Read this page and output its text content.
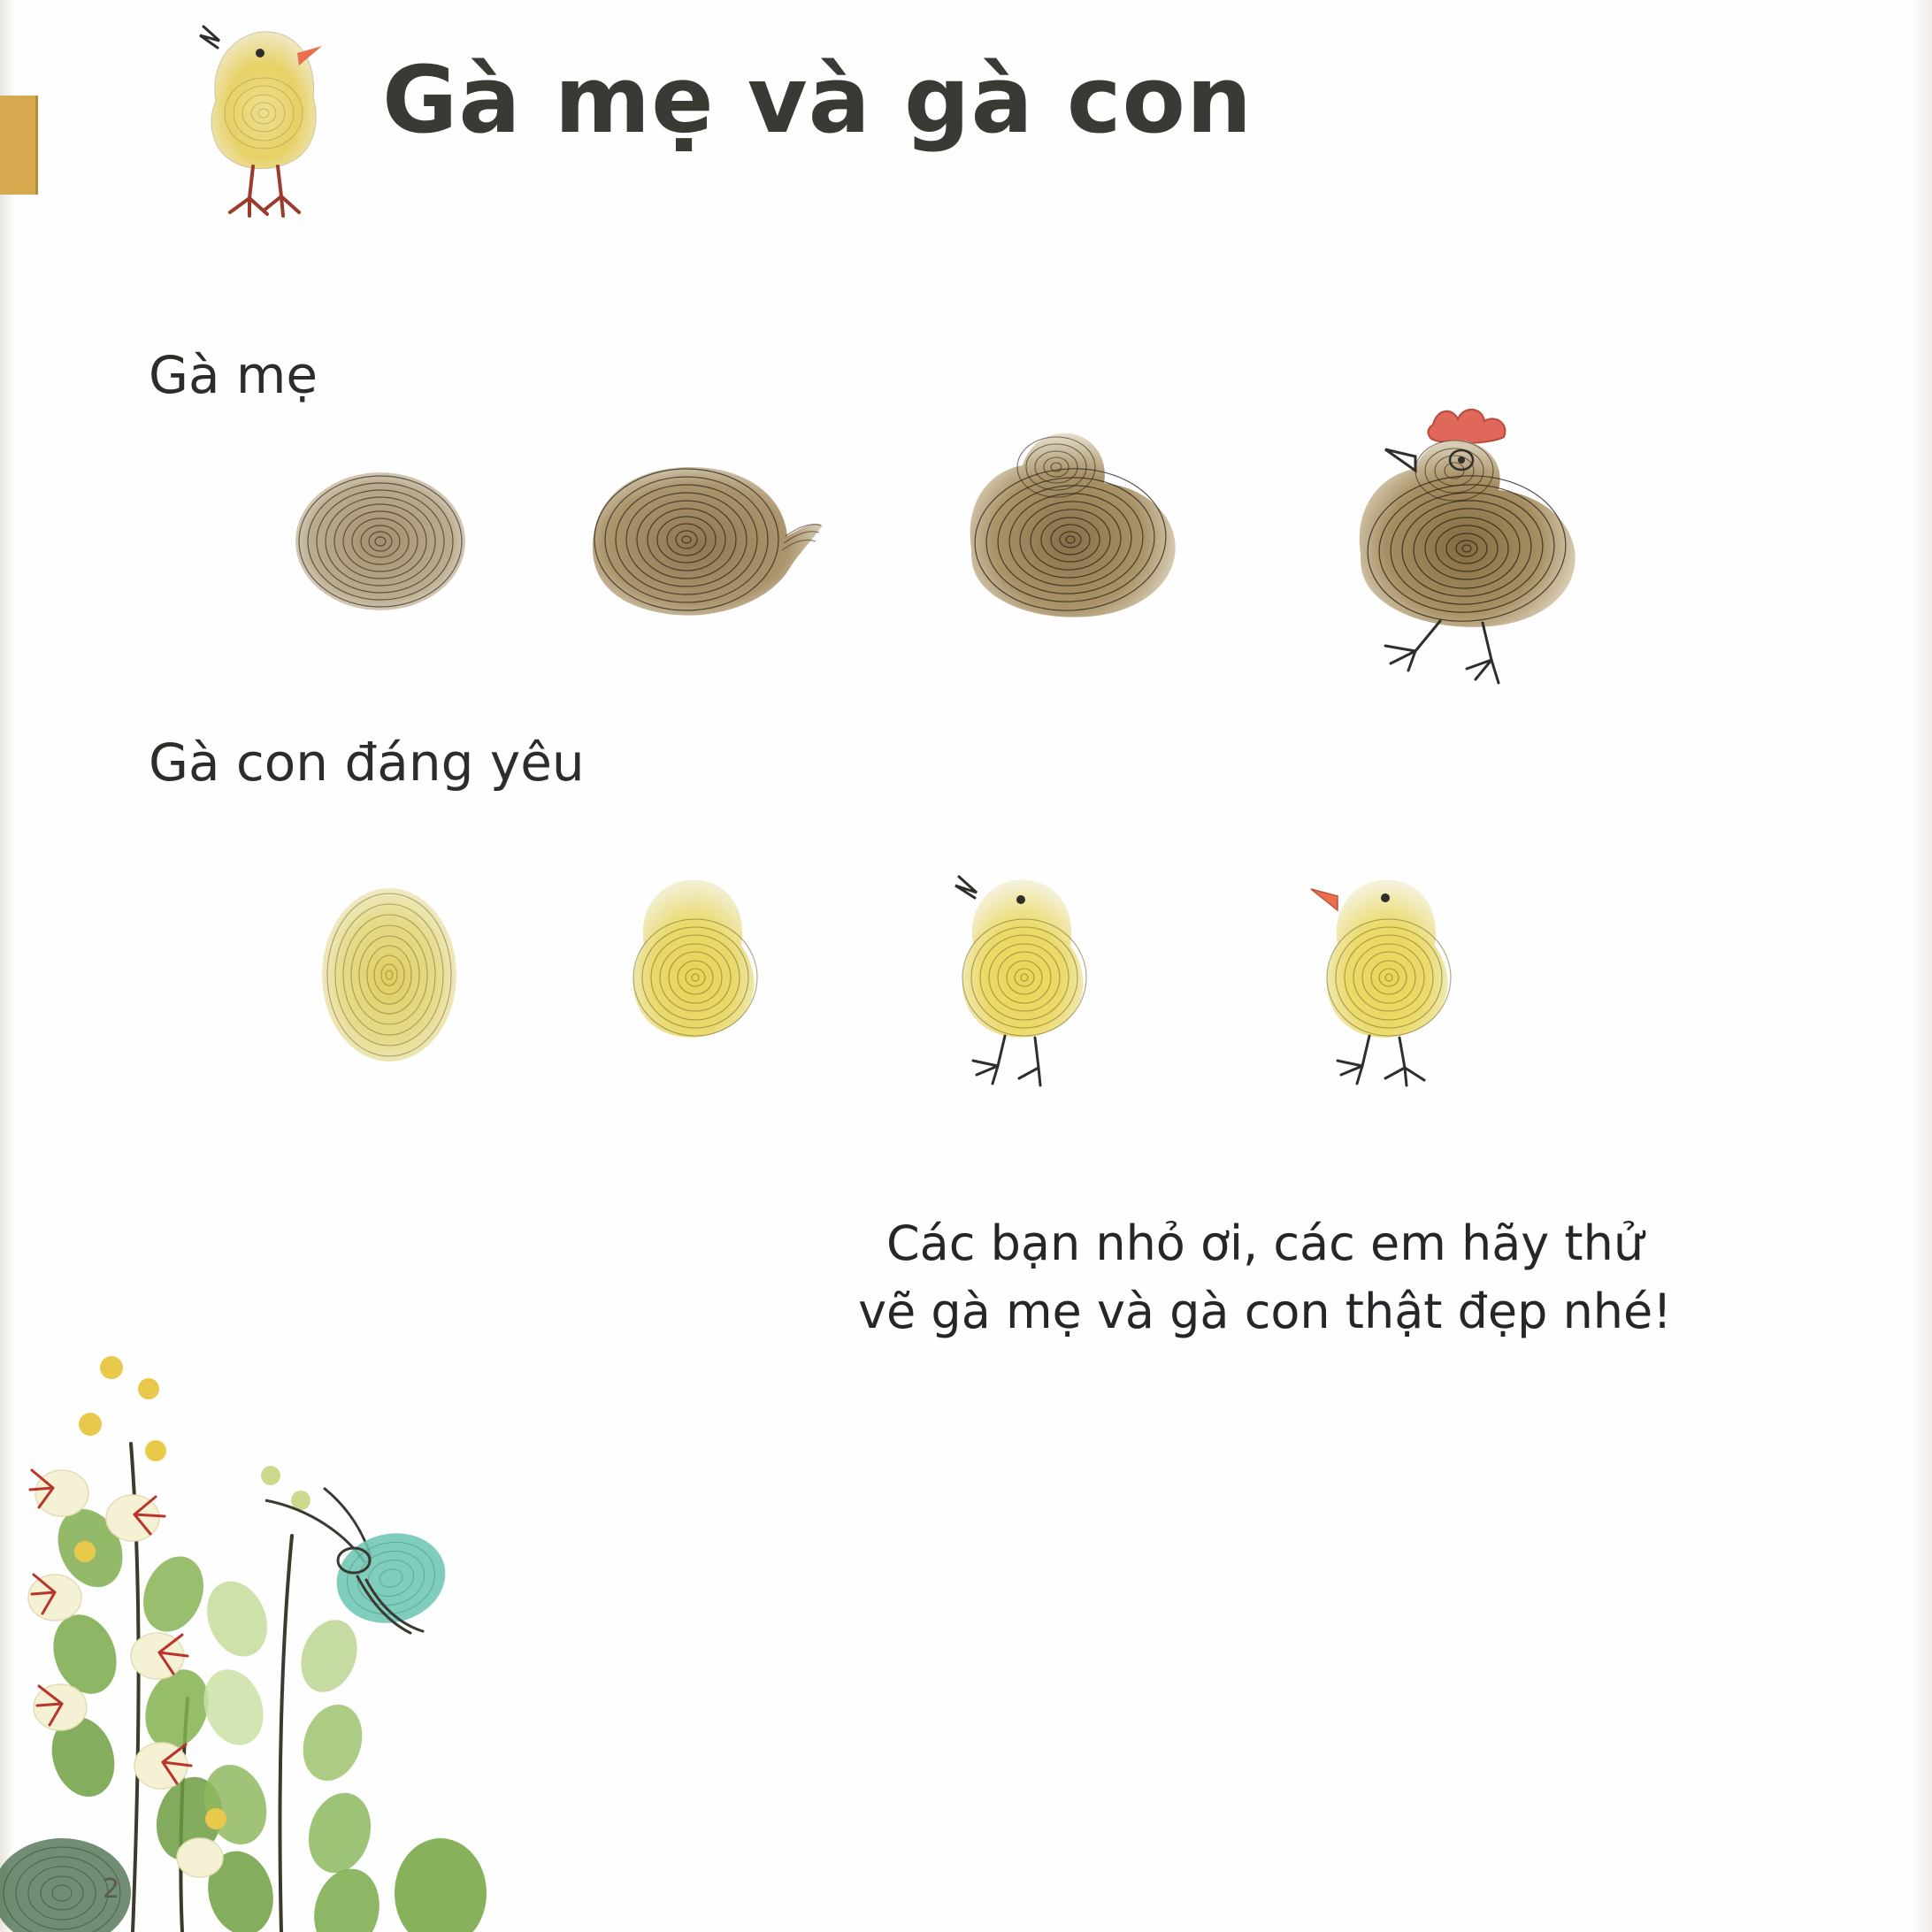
Gà mẹ và gà con
Gà mẹ
Gà con đáng yêu
Các bạn nhỏ ơi, các em hãy thử
vẽ gà mẹ và gà con thật đẹp nhé!
2
